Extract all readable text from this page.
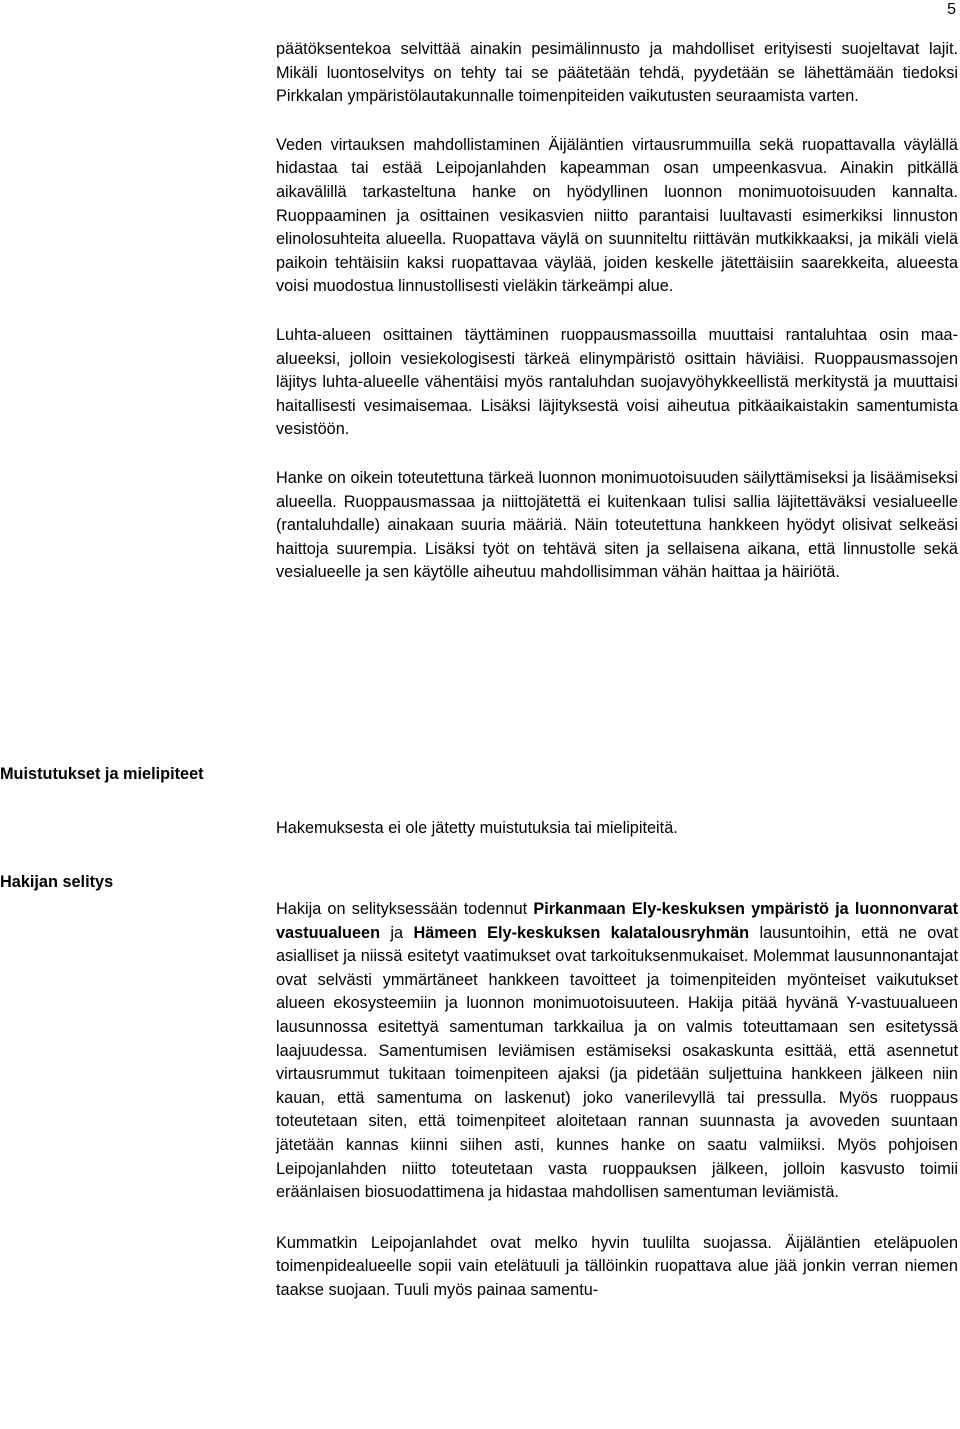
5

päätöksentekoa selvittää ainakin pesimälinnusto ja mahdolliset erityisesti suojeltavat lajit. Mikäli luontoselvitys on tehty tai se päätetään tehdä, pyydetään se lähettämään tiedoksi Pirkkalan ympäristölautakunnalle toimenpiteiden vaikutusten seuraamista varten.

Veden virtauksen mahdollistaminen Äijäläntien virtausrummuilla sekä ruopattavalla väylällä hidastaa tai estää Leipojanlahden kapeamman osan umpeenkasvua. Ainakin pitkällä aikavälillä tarkasteltuna hanke on hyödyllinen luonnon monimuotoisuuden kannalta. Ruoppaaminen ja osittainen vesikasvien niitto parantaisi luultavasti esimerkiksi linnuston elinolosuhteita alueella. Ruopattava väylä on suunniteltu riittävän mutkikkaaksi, ja mikäli vielä paikoin tehtäisiin kaksi ruopattavaa väylää, joiden keskelle jätettäisiin saarekkeita, alueesta voisi muodostua linnustollisesti vieläkin tärkeämpi alue.

Luhta-alueen osittainen täyttäminen ruoppausmassoilla muuttaisi rantaluhtaa osin maa-alueeksi, jolloin vesiekologisesti tärkeä elinympäristö osittain häviäisi. Ruoppausmassojen läjitys luhta-alueelle vähentäisi myös rantaluhdan suojavyöhykkeellistä merkitystä ja muuttaisi haitallisesti vesimaisemaa. Lisäksi läjityksestä voisi aiheutua pitkäaikaistakin samentumista vesistöön.

Hanke on oikein toteutettuna tärkeä luonnon monimuotoisuuden säilyttämiseksi ja lisäämiseksi alueella. Ruoppausmassaa ja niittojätettä ei kuitenkaan tulisi sallia läjitettäväksi vesialueelle (rantaluhdalle) ainakaan suuria määriä. Näin toteutettuna hankkeen hyödyt olisivat selkeäsi haittoja suurempia. Lisäksi työt on tehtävä siten ja sellaisena aikana, että linnustolle sekä vesialueelle ja sen käytölle aiheutuu mahdollisimman vähän haittaa ja häiriötä.

Muistutukset ja mielipiteet

Hakemuksesta ei ole jätetty muistutuksia tai mielipiteitä.

Hakijan selitys

Hakija on selityksessään todennut Pirkanmaan Ely-keskuksen ympäristö ja luonnonvarat vastuualueen ja Hämeen Ely-keskuksen kalatalousryhmän lausuntoihin, että ne ovat asialliset ja niissä esitetyt vaatimukset ovat tarkoituksenmukaiset. Molemmat lausunnonantajat ovat selvästi ymmärtäneet hankkeen tavoitteet ja toimenpiteiden myönteiset vaikutukset alueen ekosysteemiin ja luonnon monimuotoisuuteen. Hakija pitää hyvänä Y-vastuualueen lausunnossa esitettyä samentuman tarkkailua ja on valmis toteuttamaan sen esitetyssä laajuudessa. Samentumisen leviämisen estämiseksi osakaskunta esittää, että asennetut virtausrummut tukitaan toimenpiteen ajaksi (ja pidetään suljettuina hankkeen jälkeen niin kauan, että samentuma on laskenut) joko vanerilevyllä tai pressulla. Myös ruoppaus toteutetaan siten, että toimenpiteet aloitetaan rannan suunnasta ja avoveden suuntaan jätetään kannas kiinni siihen asti, kunnes hanke on saatu valmiiksi. Myös pohjoisen Leipojanlahden niitto toteutetaan vasta ruoppauksen jälkeen, jolloin kasvusto toimii eräänlaisen biosuodattimena ja hidastaa mahdollisen samentuman leviämistä.

Kummatkin Leipojanlahdet ovat melko hyvin tuulilta suojassa. Äijäläntien eteläpuolen toimenpidealueelle sopii vain etelätuuli ja tällöinkin ruopattava alue jää jonkin verran niemen taakse suojaan. Tuuli myös painaa samentu-
